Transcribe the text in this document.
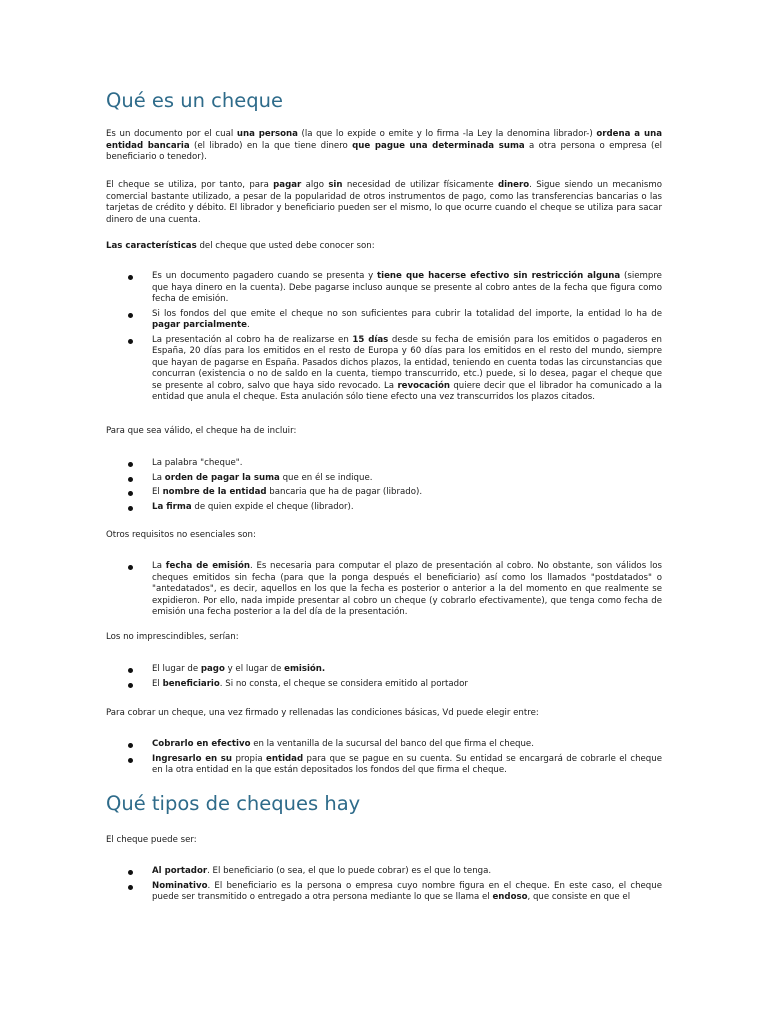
Qué es un cheque

Es un documento por el cual una persona (la que lo expide o emite y lo firma -la Ley la denomina librador-) ordena a una entidad bancaria (el librado) en la que tiene dinero que pague una determinada suma a otra persona o empresa (el beneficiario o tenedor).

El cheque se utiliza, por tanto, para pagar algo sin necesidad de utilizar físicamente dinero. Sigue siendo un mecanismo comercial bastante utilizado, a pesar de la popularidad de otros instrumentos de pago, como las transferencias bancarias o las tarjetas de crédito y débito. El librador y beneficiario pueden ser el mismo, lo que ocurre cuando el cheque se utiliza para sacar dinero de una cuenta.

Las características del cheque que usted debe conocer son:

Es un documento pagadero cuando se presenta y tiene que hacerse efectivo sin restricción alguna (siempre que haya dinero en la cuenta). Debe pagarse incluso aunque se presente al cobro antes de la fecha que figura como fecha de emisión.
Si los fondos del que emite el cheque no son suficientes para cubrir la totalidad del importe, la entidad lo ha de pagar parcialmente.
La presentación al cobro ha de realizarse en 15 días desde su fecha de emisión para los emitidos o pagaderos en España, 20 días para los emitidos en el resto de Europa y 60 días para los emitidos en el resto del mundo, siempre que hayan de pagarse en España. Pasados dichos plazos, la entidad, teniendo en cuenta todas las circunstancias que concurran (existencia o no de saldo en la cuenta, tiempo transcurrido, etc.) puede, si lo desea, pagar el cheque que se presente al cobro, salvo que haya sido revocado. La revocación quiere decir que el librador ha comunicado a la entidad que anula el cheque. Esta anulación sólo tiene efecto una vez transcurridos los plazos citados.

Para que sea válido, el cheque ha de incluir:

La palabra "cheque".
La orden de pagar la suma que en él se indique.
El nombre de la entidad bancaria que ha de pagar (librado).
La firma de quien expide el cheque (librador).

Otros requisitos no esenciales son:

La fecha de emisión. Es necesaria para computar el plazo de presentación al cobro. No obstante, son válidos los cheques emitidos sin fecha (para que la ponga después el beneficiario) así como los llamados "postdatados" o "antedatados", es decir, aquellos en los que la fecha es posterior o anterior a la del momento en que realmente se expidieron. Por ello, nada impide presentar al cobro un cheque (y cobrarlo efectivamente), que tenga como fecha de emisión una fecha posterior a la del día de la presentación.

Los no imprescindibles, serían:

El lugar de pago y el lugar de emisión.
El beneficiario. Si no consta, el cheque se considera emitido al portador

Para cobrar un cheque, una vez firmado y rellenadas las condiciones básicas, Vd puede elegir entre:

Cobrarlo en efectivo en la ventanilla de la sucursal del banco del que firma el cheque.
Ingresarlo en su propia entidad para que se pague en su cuenta. Su entidad se encargará de cobrarle el cheque en la otra entidad en la que están depositados los fondos del que firma el cheque.
Qué tipos de cheques hay

El cheque puede ser:

Al portador. El beneficiario (o sea, el que lo puede cobrar) es el que lo tenga.
Nominativo. El beneficiario es la persona o empresa cuyo nombre figura en el cheque. En este caso, el cheque puede ser transmitido o entregado a otra persona mediante lo que se llama el endoso, que consiste en que el
